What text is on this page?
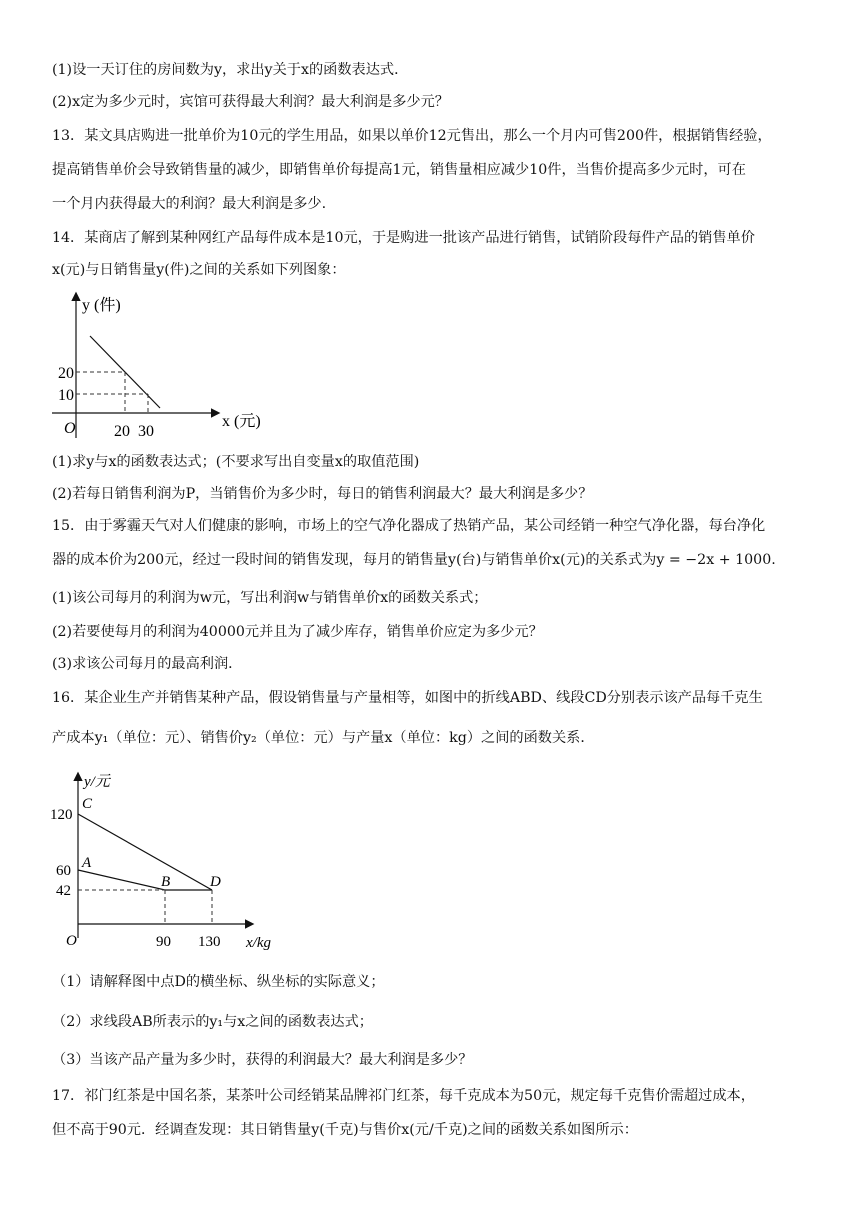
(1)设一天订住的房间数为y，求出y关于x的函数表达式．
(2)x定为多少元时，宾馆可获得最大利润？最大利润是多少元？
13．某文具店购进一批单价为10元的学生用品，如果以单价12元售出，那么一个月内可售200件，根据销售经验，
提高销售单价会导致销售量的减少，即销售单价每提高1元，销售量相应减少10件，当售价提高多少元时，可在
一个月内获得最大的利润？最大利润是多少.
14．某商店了解到某种网红产品每件成本是10元，于是购进一批该产品进行销售，试销阶段每件产品的销售单价
x(元)与日销售量y(件)之间的关系如下列图象：
(1)求y与x的函数表达式；(不要求写出自变量x的取值范围)
(2)若每日销售利润为P，当销售价为多少时，每日的销售利润最大？最大利润是多少？
15．由于雾霾天气对人们健康的影响，市场上的空气净化器成了热销产品，某公司经销一种空气净化器，每台净化
器的成本价为200元，经过一段时间的销售发现，每月的销售量y(台)与销售单价x(元)的关系式为y = −2x + 1000.
(1)该公司每月的利润为w元，写出利润w与销售单价x的函数关系式；
(2)若要使每月的利润为40000元并且为了减少库存，销售单价应定为多少元？
(3)求该公司每月的最高利润．
16．某企业生产并销售某种产品，假设销售量与产量相等，如图中的折线ABD、线段CD分别表示该产品每千克生
产成本y₁（单位：元）、销售价y₂（单位：元）与产量x（单位：kg）之间的函数关系．
（1）请解释图中点D的横坐标、纵坐标的实际意义；
（2）求线段AB所表示的y₁与x之间的函数表达式；
（3）当该产品产量为多少时，获得的利润最大？最大利润是多少？
17．祁门红茶是中国名茶，某茶叶公司经销某品牌祁门红茶，每千克成本为50元，规定每千克售价需超过成本，
但不高于90元．经调查发现：其日销售量y(千克)与售价x(元/千克)之间的函数关系如图所示：
y (件)
x (元)
O
20
10
20 30
y/元
x/kg
O
120
60
42
90 130
C
A
B	D
